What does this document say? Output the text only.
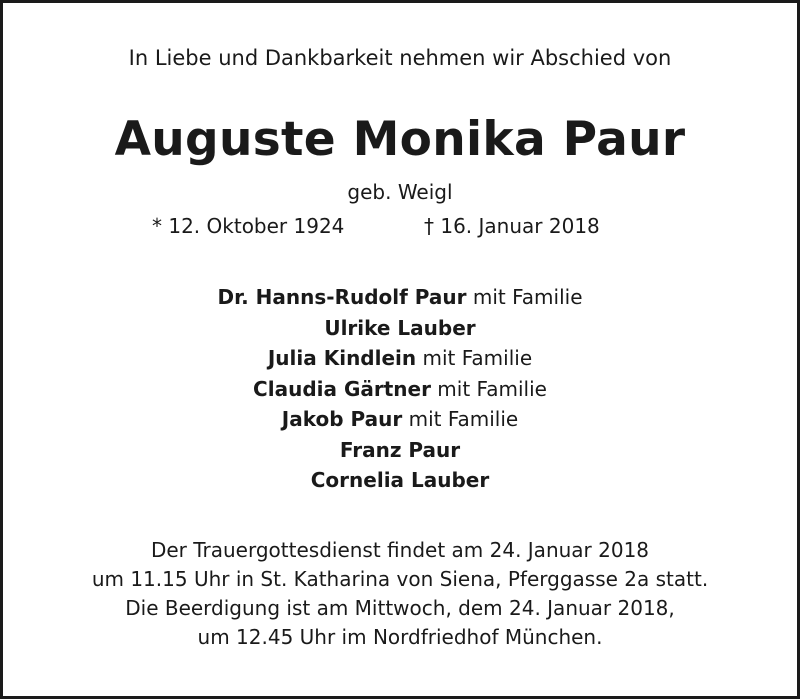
In Liebe und Dankbarkeit nehmen wir Abschied von
Auguste Monika Paur
geb. Weigl
* 12. Oktober 1924	† 16. Januar 2018
Dr. Hanns-Rudolf Paur mit Familie
Ulrike Lauber
Julia Kindlein mit Familie
Claudia Gärtner mit Familie
Jakob Paur mit Familie
Franz Paur
Cornelia Lauber
Der Trauergottesdienst findet am 24. Januar 2018
um 11.15 Uhr in St. Katharina von Siena, Pferggasse 2a statt.
Die Beerdigung ist am Mittwoch, dem 24. Januar 2018,
um 12.45 Uhr im Nordfriedhof München.
